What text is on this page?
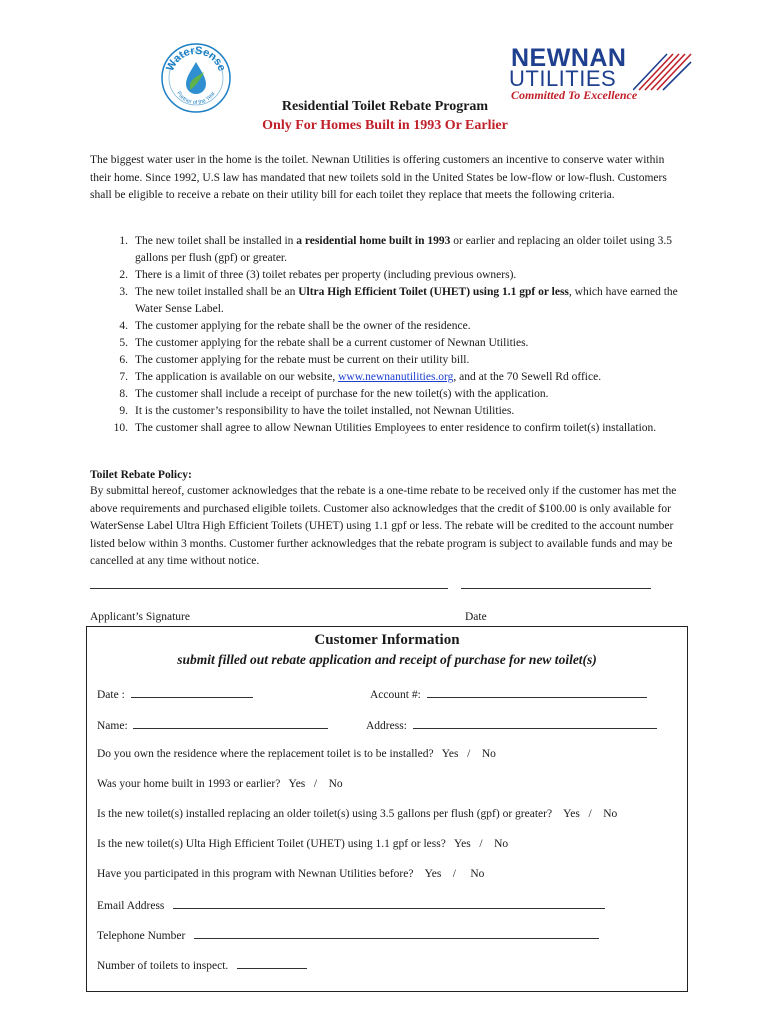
WaterSense
Partner of the Year
NEWNAN
UTILITIES
Committed To Excellence
Residential Toilet Rebate Program
Only For Homes Built in 1993 Or Earlier
The biggest water user in the home is the toilet. Newnan Utilities is offering customers an incentive to conserve water within their home. Since 1992, U.S law has mandated that new toilets sold in the United States be low-flow or low-flush. Customers shall be eligible to receive a rebate on their utility bill for each toilet they replace that meets the following criteria.
1. The new toilet shall be installed in a residential home built in 1993 or earlier and replacing an older toilet using 3.5 gallons per flush (gpf) or greater.
2. There is a limit of three (3) toilet rebates per property (including previous owners).
3. The new toilet installed shall be an Ultra High Efficient Toilet (UHET) using 1.1 gpf or less, which have earned the Water Sense Label.
4. The customer applying for the rebate shall be the owner of the residence.
5. The customer applying for the rebate shall be a current customer of Newnan Utilities.
6. The customer applying for the rebate must be current on their utility bill.
7. The application is available on our website, www.newnanutilities.org, and at the 70 Sewell Rd office.
8. The customer shall include a receipt of purchase for the new toilet(s) with the application.
9. It is the customer’s responsibility to have the toilet installed, not Newnan Utilities.
10. The customer shall agree to allow Newnan Utilities Employees to enter residence to confirm toilet(s) installation.
Toilet Rebate Policy:
By submittal hereof, customer acknowledges that the rebate is a one-time rebate to be received only if the customer has met the above requirements and purchased eligible toilets. Customer also acknowledges that the credit of $100.00 is only available for WaterSense Label Ultra High Efficient Toilets (UHET) using 1.1 gpf or less. The rebate will be credited to the account number listed below within 3 months. Customer further acknowledges that the rebate program is subject to available funds and may be cancelled at any time without notice.
Applicant’s Signature	Date
Customer Information
submit filled out rebate application and receipt of purchase for new toilet(s)
Date :	Account #:
Name:	Address:
Do you own the residence where the replacement toilet is to be installed? Yes / No
Was your home built in 1993 or earlier? Yes / No
Is the new toilet(s) installed replacing an older toilet(s) using 3.5 gallons per flush (gpf) or greater? Yes / No
Is the new toilet(s) Ulta High Efficient Toilet (UHET) using 1.1 gpf or less? Yes / No
Have you participated in this program with Newnan Utilities before? Yes / No
Email Address
Telephone Number
Number of toilets to inspect.
